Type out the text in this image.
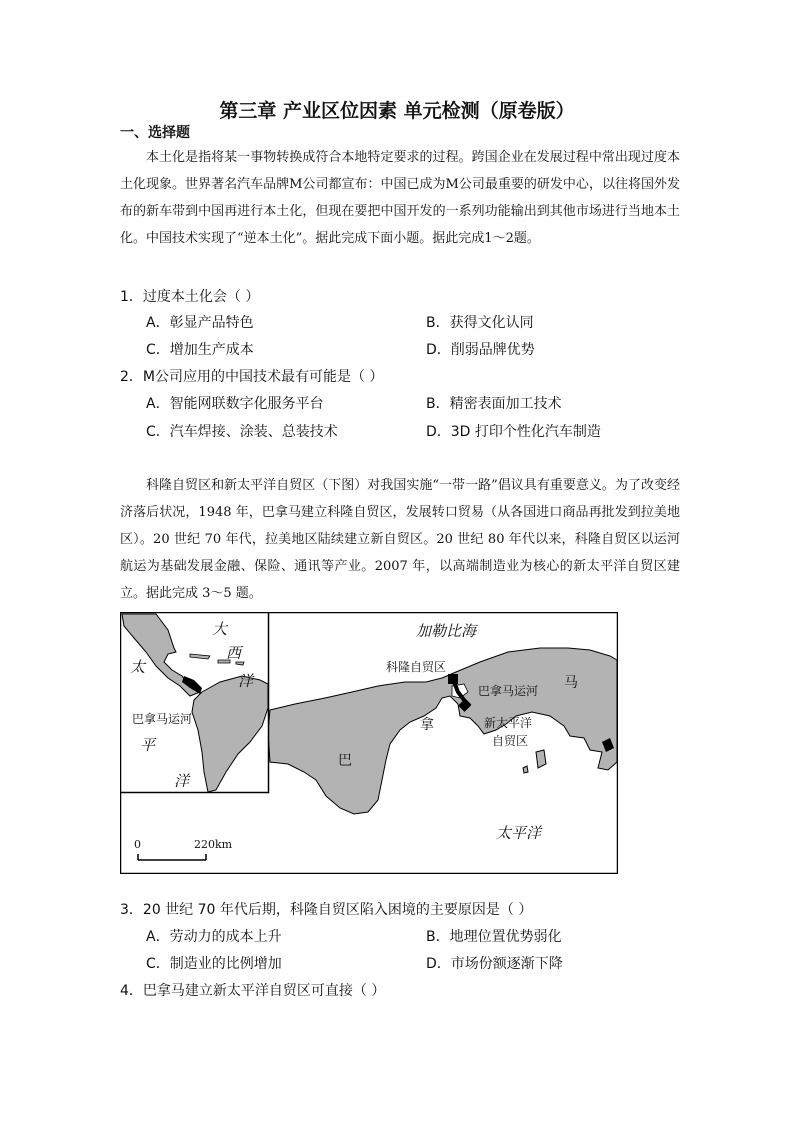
第三章 产业区位因素 单元检测（原卷版）
一、选择题

本土化是指将某一事物转换成符合本地特定要求的过程。跨国企业在发展过程中常出现过度本土化现象。世界著名汽车品牌M公司都宣布：中国已成为M公司最重要的研发中心，以往将国外发布的新车带到中国再进行本土化，但现在要把中国开发的一系列功能输出到其他市场进行当地本土化。中国技术实现了“逆本土化”。据此完成下面小题。据此完成1～2题。

1．过度本土化会（ ）
A．彰显产品特色	B．获得文化认同
C．增加生产成本	D．削弱品牌优势
2．M公司应用的中国技术最有可能是（ ）
A．智能网联数字化服务平台	B．精密表面加工技术
C．汽车焊接、涂装、总装技术	D．3D 打印个性化汽车制造

科隆自贸区和新太平洋自贸区（下图）对我国实施“一带一路”倡议具有重要意义。为了改变经济落后状况，1948 年，巴拿马建立科隆自贸区，发展转口贸易（从各国进口商品再批发到拉美地区）。20 世纪 70 年代，拉美地区陆续建立新自贸区。20 世纪 80 年代以来，科隆自贸区以运河航运为基础发展金融、保险、通讯等产业。2007 年，以高端制造业为核心的新太平洋自贸区建立。据此完成 3～5 题。

大
西
洋
太
平
洋
巴拿马运河
加勒比海
科隆自贸区
巴拿马运河
新太平洋
自贸区
巴
拿
马
太平洋
0	220km
3．20 世纪 70 年代后期，科隆自贸区陷入困境的主要原因是（ ）
A．劳动力的成本上升	B．地理位置优势弱化
C．制造业的比例增加	D．市场份额逐渐下降
4．巴拿马建立新太平洋自贸区可直接（ ）
